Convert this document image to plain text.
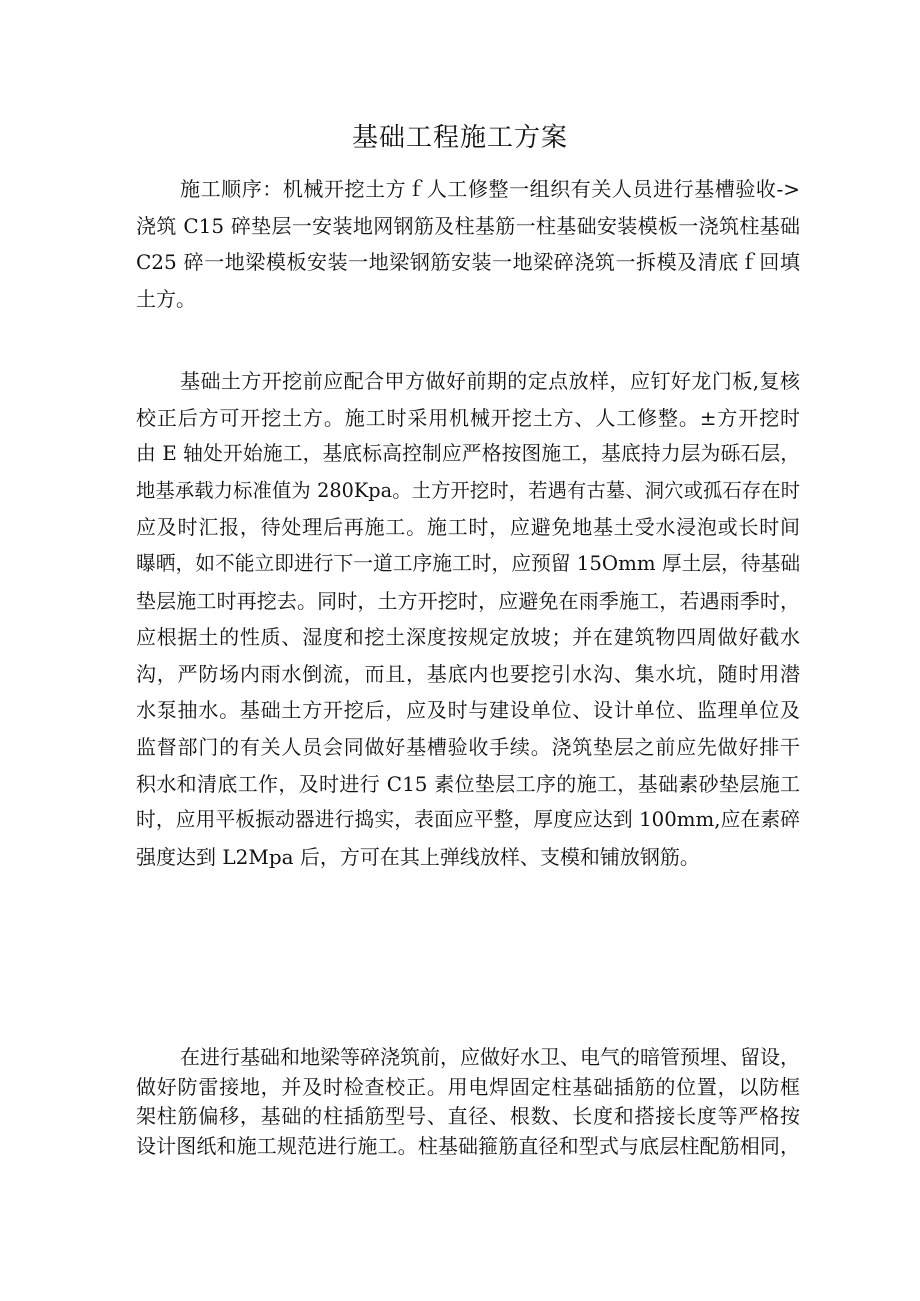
基础工程施工方案

施工顺序：机械开挖土方ｆ人工修整一组织有关人员进行基槽验收->
浇筑 C15 碎垫层一安装地网钢筋及柱基筋一柱基础安装模板一浇筑柱基础
C25 碎一地梁模板安装一地梁钢筋安装一地梁碎浇筑一拆模及清底ｆ回填
土方。

基础土方开挖前应配合甲方做好前期的定点放样，应钉好龙门板,复核
校正后方可开挖土方。施工时采用机械开挖土方、人工修整。±方开挖时
由 E 轴处开始施工，基底标高控制应严格按图施工，基底持力层为砾石层，
地基承载力标准值为 280Kpa。土方开挖时，若遇有古墓、洞穴或孤石存在时
应及时汇报，待处理后再施工。施工时，应避免地基土受水浸泡或长时间
曝晒，如不能立即进行下一道工序施工时，应预留 15Omm 厚土层，待基础
垫层施工时再挖去。同时，土方开挖时，应避免在雨季施工，若遇雨季时，
应根据土的性质、湿度和挖土深度按规定放坡；并在建筑物四周做好截水
沟，严防场内雨水倒流，而且，基底内也要挖引水沟、集水坑，随时用潜
水泵抽水。基础土方开挖后，应及时与建设单位、设计单位、监理单位及
监督部门的有关人员会同做好基槽验收手续。浇筑垫层之前应先做好排干
积水和清底工作，及时进行 C15 素位垫层工序的施工，基础素砂垫层施工
时，应用平板振动器进行捣实，表面应平整，厚度应达到 100mm,应在素碎
强度达到 L2Mpa 后，方可在其上弹线放样、支模和铺放钢筋。

在进行基础和地梁等碎浇筑前，应做好水卫、电气的暗管预埋、留设，
做好防雷接地，并及时检查校正。用电焊固定柱基础插筋的位置，以防框
架柱筋偏移，基础的柱插筋型号、直径、根数、长度和搭接长度等严格按
设计图纸和施工规范进行施工。柱基础箍筋直径和型式与底层柱配筋相同，
